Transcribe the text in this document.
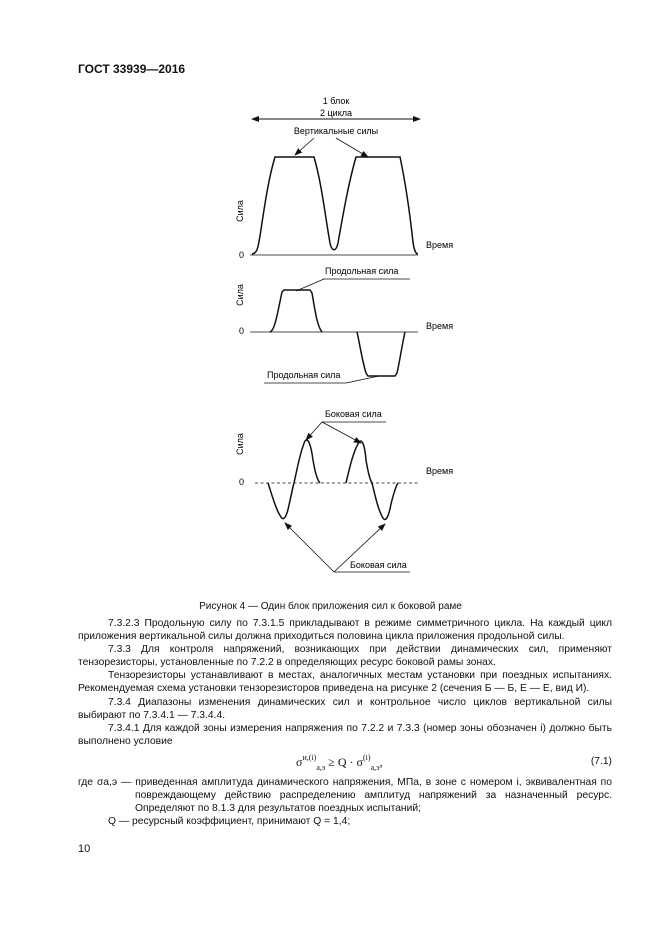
ГОСТ 33939—2016
1 блок
2 цикла
Вертикальные силы
Сила
0
Время
Продольная сила
Сила
0	Время
Продольная сила
Боковая сила
Сила
0
Время
Боковая сила
Рисунок 4 — Один блок приложения сил к боковой раме

7.3.2.3 Продольную силу по 7.3.1.5 прикладывают в режиме симметричного цикла. На каждый цикл приложения вертикальной силы должна приходиться половина цикла приложения продольной силы.

7.3.3 Для контроля напряжений, возникающих при действии динамических сил, применяют тензорезисторы, установленные по 7.2.2 в определяющих ресурс боковой рамы зонах.

Тензорезисторы устанавливают в местах, аналогичных местам установки при поездных испытаниях. Рекомендуемая схема установки тензорезисторов приведена на рисунке 2 (сечения Б — Б, Е — Е, вид И).

7.3.4 Диапазоны изменения динамических сил и контрольное число циклов вертикальной силы выбирают по 7.3.4.1 — 7.3.4.4.

7.3.4.1 Для каждой зоны измерения напряжения по 7.2.2 и 7.3.3 (номер зоны обозначен i) должно быть выполнено условие

$\sigma^{и,(i)}_{а,э} \ge Q \cdot \sigma^{(i)}_{а,э}$,	(7.1)

где σа,э — приведенная амплитуда динамического напряжения, МПа, в зоне с номером i, эквивалентная по повреждающему действию распределению амплитуд напряжений за назначенный ресурс. Определяют по 8.1.3 для результатов поездных испытаний;

Q — ресурсный коэффициент, принимают Q = 1,4;

10
